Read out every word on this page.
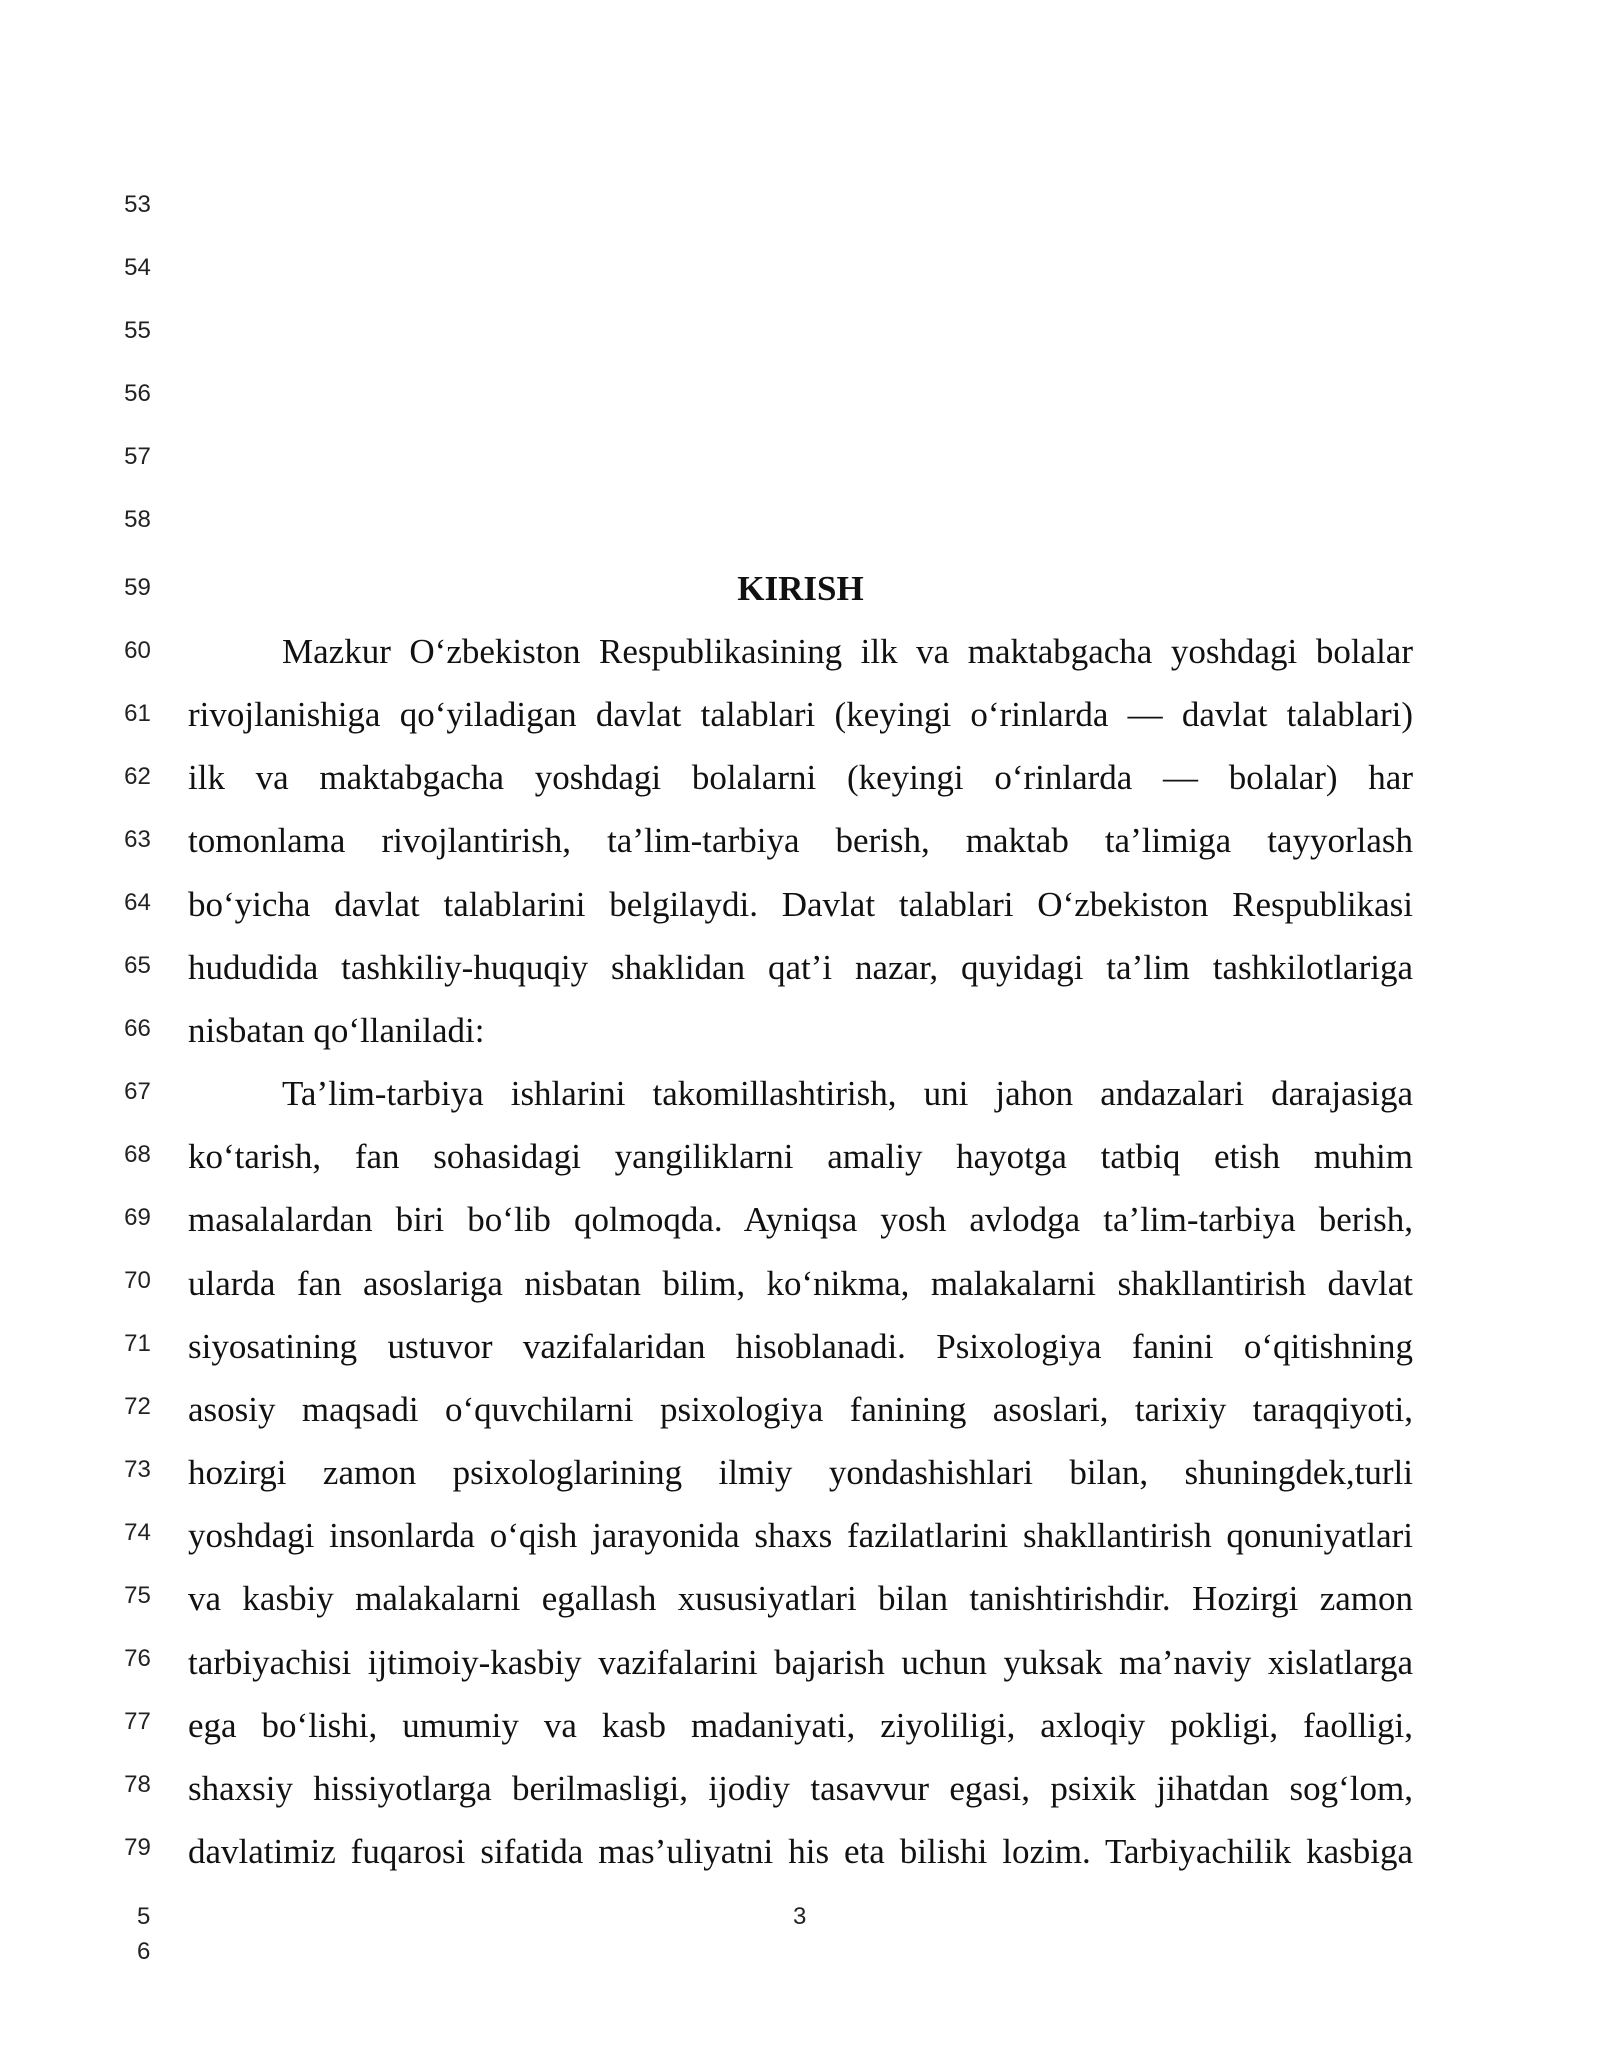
53
54
55
56
57
58
59
60
61
62
63
64
65
66
67
68
69
70
71
72
73
74
75
76
77
78
79
KIRISH
Mazkur O‘zbekiston Respublikasining ilk va maktabgacha yoshdagi bolalar
rivojlanishiga qo‘yiladigan davlat talablari (keyingi o‘rinlarda — davlat talablari)
ilk va maktabgacha yoshdagi bolalarni (keyingi o‘rinlarda — bolalar) har
tomonlama rivojlantirish, ta’lim-tarbiya berish, maktab ta’limiga tayyorlash
bo‘yicha davlat talablarini belgilaydi. Davlat talablari O‘zbekiston Respublikasi
hududida tashkiliy-huquqiy shaklidan qat’i nazar, quyidagi ta’lim tashkilotlariga
nisbatan qo‘llaniladi:
Ta’lim-tarbiya ishlarini takomillashtirish, uni jahon andazalari darajasiga
ko‘tarish, fan sohasidagi yangiliklarni amaliy hayotga tatbiq etish muhim
masalalardan biri bo‘lib qolmoqda. Ayniqsa yosh avlodga ta’lim-tarbiya berish,
ularda fan asoslariga nisbatan bilim, ko‘nikma, malakalarni shakllantirish davlat
siyosatining ustuvor vazifalaridan hisoblanadi. Psixologiya fanini o‘qitishning
asosiy maqsadi o‘quvchilarni psixologiya fanining asoslari, tarixiy taraqqiyoti,
hozirgi zamon psixologlarining ilmiy yondashishlari bilan, shuningdek,turli
yoshdagi insonlarda o‘qish jarayonida shaxs fazilatlarini shakllantirish qonuniyatlari
va kasbiy malakalarni egallash xususiyatlari bilan tanishtirishdir. Hozirgi zamon
tarbiyachisi ijtimoiy-kasbiy vazifalarini bajarish uchun yuksak ma’naviy xislatlarga
ega bo‘lishi, umumiy va kasb madaniyati, ziyoliligi, axloqiy pokligi, faolligi,
shaxsiy hissiyotlarga berilmasligi, ijodiy tasavvur egasi, psixik jihatdan sog‘lom,
davlatimiz fuqarosi sifatida mas’uliyatni his eta bilishi lozim. Tarbiyachilik kasbiga
5
6
3
